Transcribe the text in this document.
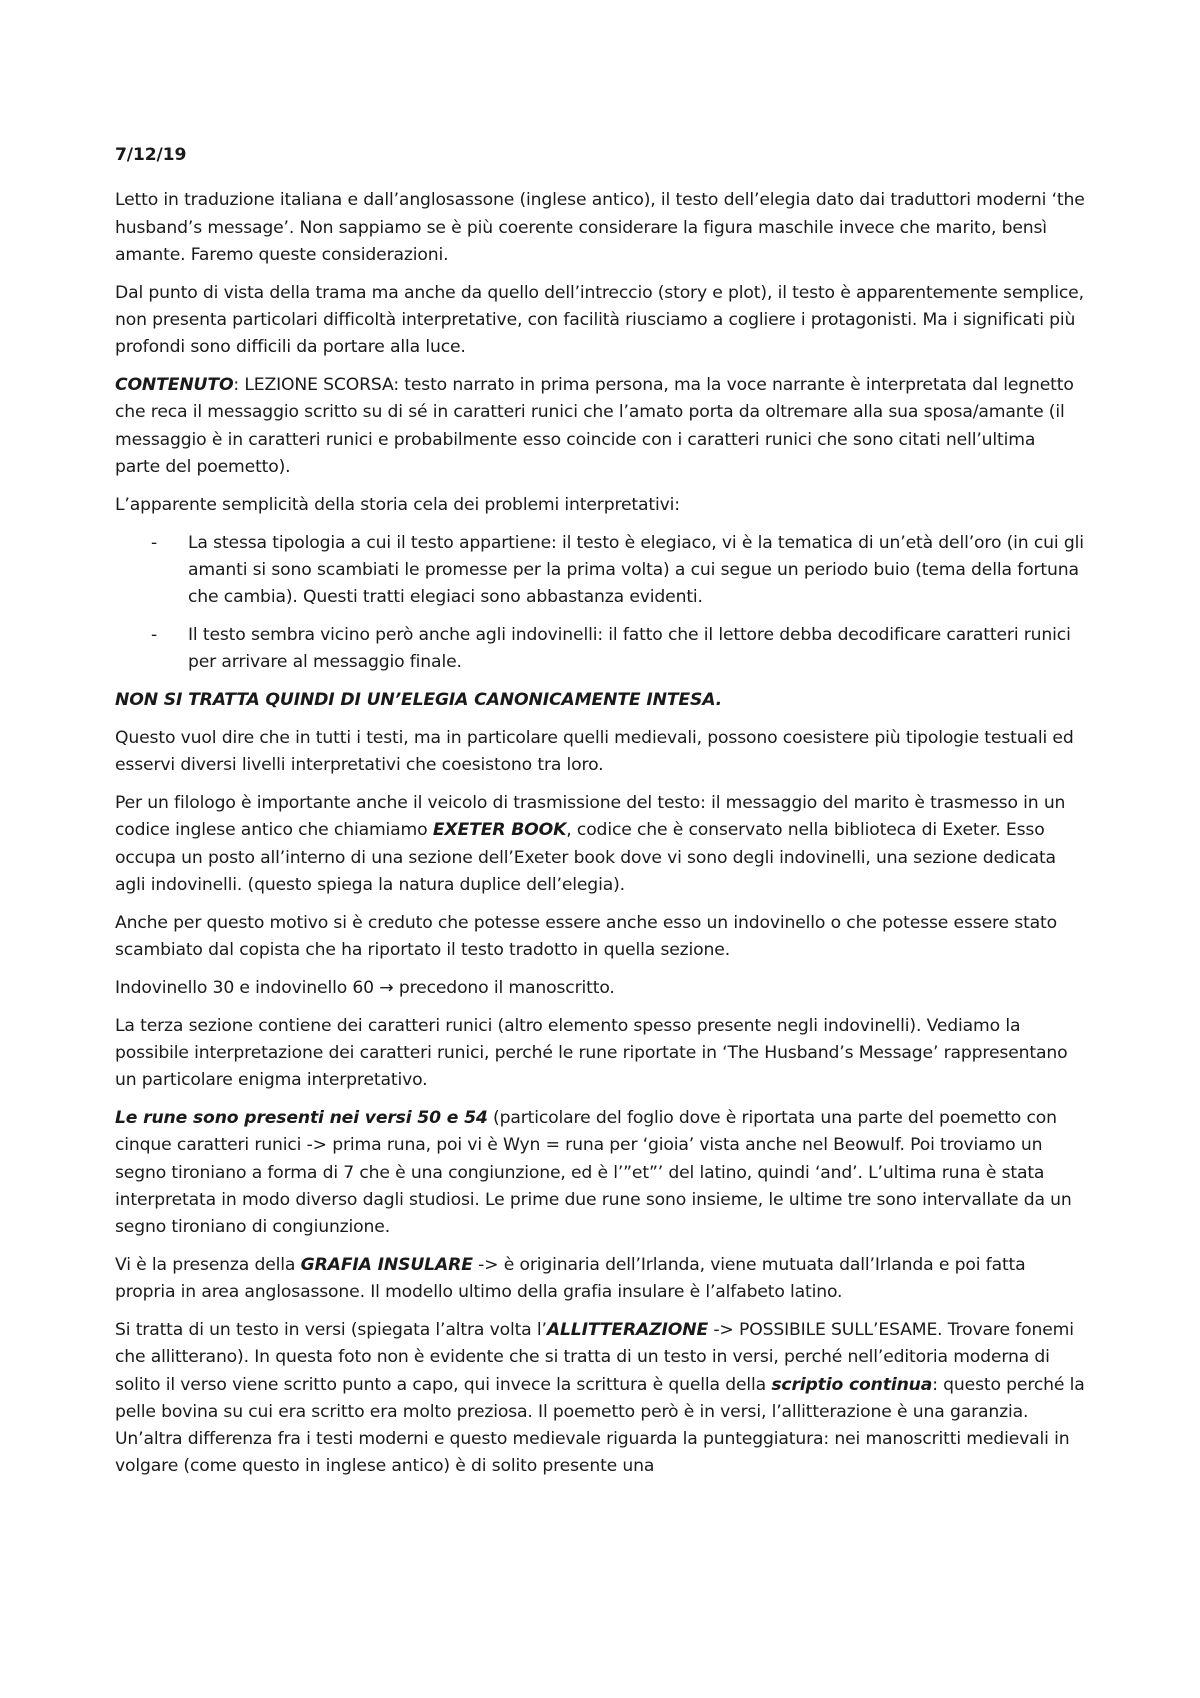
7/12/19

Letto in traduzione italiana e dall’anglosassone (inglese antico), il testo dell’elegia dato dai traduttori moderni ‘the husband’s message’. Non sappiamo se è più coerente considerare la figura maschile invece che marito, bensì amante. Faremo queste considerazioni.

Dal punto di vista della trama ma anche da quello dell’intreccio (story e plot), il testo è apparentemente semplice, non presenta particolari difficoltà interpretative, con facilità riusciamo a cogliere i protagonisti. Ma i significati più profondi sono difficili da portare alla luce.

CONTENUTO: LEZIONE SCORSA: testo narrato in prima persona, ma la voce narrante è interpretata dal legnetto che reca il messaggio scritto su di sé in caratteri runici che l’amato porta da oltremare alla sua sposa/amante (il messaggio è in caratteri runici e probabilmente esso coincide con i caratteri runici che sono citati nell’ultima parte del poemetto).

L’apparente semplicità della storia cela dei problemi interpretativi:

- La stessa tipologia a cui il testo appartiene: il testo è elegiaco, vi è la tematica di un’età dell’oro (in cui gli amanti si sono scambiati le promesse per la prima volta) a cui segue un periodo buio (tema della fortuna che cambia). Questi tratti elegiaci sono abbastanza evidenti.
- Il testo sembra vicino però anche agli indovinelli: il fatto che il lettore debba decodificare caratteri runici per arrivare al messaggio finale.

NON SI TRATTA QUINDI DI UN’ELEGIA CANONICAMENTE INTESA.

Questo vuol dire che in tutti i testi, ma in particolare quelli medievali, possono coesistere più tipologie testuali ed esservi diversi livelli interpretativi che coesistono tra loro.

Per un filologo è importante anche il veicolo di trasmissione del testo: il messaggio del marito è trasmesso in un codice inglese antico che chiamiamo EXETER BOOK, codice che è conservato nella biblioteca di Exeter. Esso occupa un posto all’interno di una sezione dell’Exeter book dove vi sono degli indovinelli, una sezione dedicata agli indovinelli. (questo spiega la natura duplice dell’elegia).

Anche per questo motivo si è creduto che potesse essere anche esso un indovinello o che potesse essere stato scambiato dal copista che ha riportato il testo tradotto in quella sezione.

Indovinello 30 e indovinello 60 → precedono il manoscritto.

La terza sezione contiene dei caratteri runici (altro elemento spesso presente negli indovinelli). Vediamo la possibile interpretazione dei caratteri runici, perché le rune riportate in ‘The Husband’s Message’ rappresentano un particolare enigma interpretativo.

Le rune sono presenti nei versi 50 e 54 (particolare del foglio dove è riportata una parte del poemetto con cinque caratteri runici -> prima runa, poi vi è Wyn = runa per ‘gioia’ vista anche nel Beowulf. Poi troviamo un segno tironiano a forma di 7 che è una congiunzione, ed è l’”et”’ del latino, quindi ‘and’. L’ultima runa è stata interpretata in modo diverso dagli studiosi. Le prime due rune sono insieme, le ultime tre sono intervallate da un segno tironiano di congiunzione.

Vi è la presenza della GRAFIA INSULARE -> è originaria dell’Irlanda, viene mutuata dall’Irlanda e poi fatta propria in area anglosassone. Il modello ultimo della grafia insulare è l’alfabeto latino.

Si tratta di un testo in versi (spiegata l’altra volta l’ALLITTERAZIONE -> POSSIBILE SULL’ESAME. Trovare fonemi che allitterano). In questa foto non è evidente che si tratta di un testo in versi, perché nell’editoria moderna di solito il verso viene scritto punto a capo, qui invece la scrittura è quella della scriptio continua: questo perché la pelle bovina su cui era scritto era molto preziosa. Il poemetto però è in versi, l’allitterazione è una garanzia. Un’altra differenza fra i testi moderni e questo medievale riguarda la punteggiatura: nei manoscritti medievali in volgare (come questo in inglese antico) è di solito presente una
